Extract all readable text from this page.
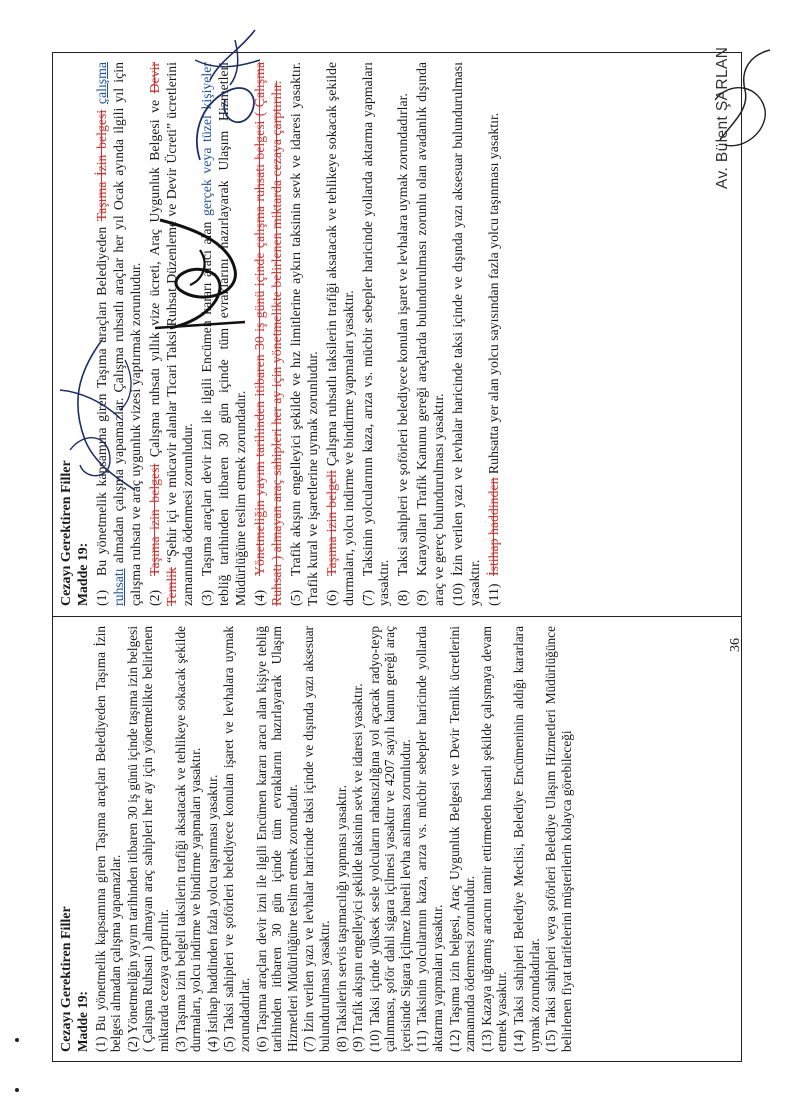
Cezayı Gerektiren Filler Madde 19: (1) Bu yönetmelik kapsamına giren Taşıma araçları Belediyeden Taşıma İzin belgesi almadan çalışma yapamazlar. (2) Yönetmeliğin yayım tarihinden itibaren 30 iş günü içinde taşıma izin belgesi ( Çalışma Ruhsatı ) almayan araç sahipleri her ay için yönetmelikte belirlenen miktarda cezaya çarptırılır. (3) Taşıma izin belgeli taksilerin trafiği aksatacak ve tehlikeye sokacak şekilde durmaları, yolcu indirme ve bindirme yapmaları yasaktır. (4) İstihap haddinden fazla yolcu taşınması yasaktır. (5) Taksi sahipleri ve şoförleri belediyece konulan işaret ve levhalara uymak zorundadırlar. (6) Taşıma araçları devir izni ile ilgili Encümen kararı aracı alan kişiye tebliğ tarihinden itibaren 30 gün içinde tüm evraklarını hazırlayarak Ulaşım Hizmetleri Müdürlüğüne teslim etmek zorundadır. (7) İzin verilen yazı ve levhalar haricinde taksi içinde ve dışında yazı aksesuar bulundurulması yasaktır. (8) Taksilerin servis taşımacılığı yapması yasaktır. (9) Trafik akışını engelleyici şekilde taksinin sevk ve idaresi yasaktır. (10) Taksi içinde yüksek sesle yolcuların rahatsızlığına yol açacak radyo-teyp çalınması, şoför dahil sigara içilmesi yasaktır ve 4207 sayılı kanun gereği araç içerisinde Sigara İçilmez ibareli levha asılması zorunludur. (11) Taksinin yolcularının kaza, arıza vs. mücbir sebepler haricinde yollarda aktarma yapmaları yasaktır. (12) Taşıma izin belgesi, Araç Uygunluk Belgesi ve Devir Temlik ücretlerini zamanında ödenmesi zorunludur. (13) Kazaya uğramış aracını tamir ettirmeden hasarlı şekilde çalışmaya devam etmek yasaktır. (14) Taksi sahipleri Belediye Meclisi, Belediye Encümeninin aldığı kararlara uymak zorundadırlar. (15) Taksi sahipleri veya şoförleri Belediye Ulaşım Hizmetleri Müdürlüğünce belirlenen fiyat tarifelerini müşterilerin kolayca görebileceği
Cezayı Gerektiren Filler Madde 19: (1)Bu yönetmelik kapsamına giren Taşıma araçları Belediyeden Taşıma İzin belgesi çalışma ruhsatı almadan çalışma yapamazlar. Çalışma ruhsatlı araçlar her yıl Ocak ayında ilgili yıl için çalışma ruhsatı ve araç uygunluk vizesi yaptırmak zorunludur. (2)Taşıma izin belgesi Çalışma ruhsatı yıllık vize ücreti, Araç Uygunluk Belgesi ve Devir Temlik “Şehir içi ve mücavir alanlar Ticari Taksi Ruhsat Düzenleme ve Devir Ücreti” ücretlerini zamanında ödenmesi zorunludur. (3)Taşıma araçları devir izni ile ilgili Encümen kararı aracı alan gerçek veya tüzel kişiyeler tebliğ tarihinden itibaren 30 gün içinde tüm evraklarını hazırlayarak Ulaşım Hizmetleri Müdürlüğüne teslim etmek zorundadır. (4)Yönetmeliğin yayım tarihinden itibaren 30 iş günü içinde çalışma ruhsatı belgesi ( Çalışma Ruhsatı ) almayan araç sahipleri her ay için yönetmelikte belirlenen miktarda cezaya çarptırılır. (5)Trafik akışını engelleyici şekilde ve hız limitlerine aykırı taksinin sevk ve idaresi yasaktır. Trafik kural ve işaretlerine uymak zorunludur. (6)Taşıma izin belgeli Çalışma ruhsatlı taksilerin trafiği aksatacak ve tehlikeye sokacak şekilde durmaları, yolcu indirme ve bindirme yapmaları yasaktır. (7)Taksinin yolcularının kaza, arıza vs. mücbir sebepler haricinde yollarda aktarma yapmaları yasaktır. (8)Taksi sahipleri ve şoförleri belediyece konulan işaret ve levhalara uymak zorundadırlar.
(9)Karayolları Trafik Kanunu gereği araçlarda bulundurulması zorunlu olan avadanlık dışında araç ve gereç bulundurulması yasaktır. (10)İzin verilen yazı ve levhalar haricinde taksi içinde ve dışında yazı aksesuar bulundurulması yasaktır. (11)İstihap haddinden Ruhsatta yer alan yolcu sayısından fazla yolcu taşınması yasaktır.
36
Av. Bülent ŞARLAN
